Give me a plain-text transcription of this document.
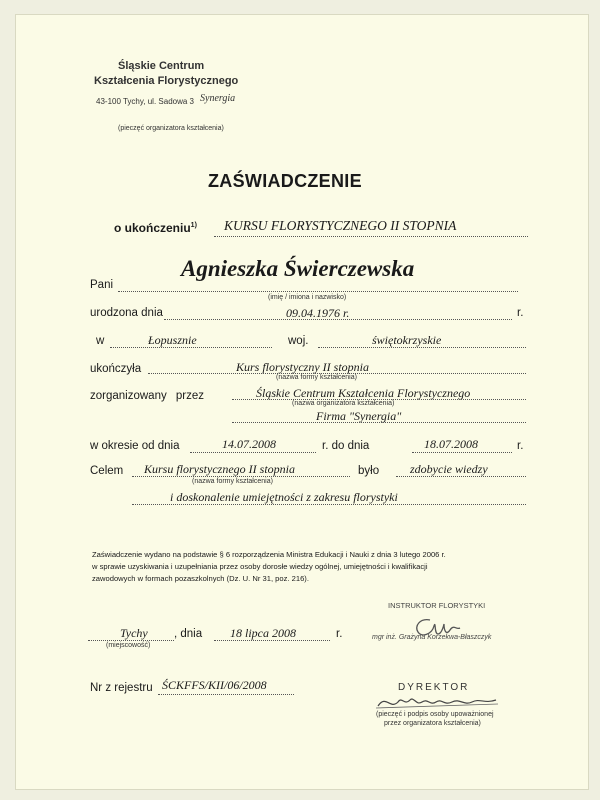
Śląskie Centrum
Kształcenia Florystycznego
43-100 Tychy, ul. Sadowa 3 Synergia
(pieczęć organizatora kształcenia)
ZAŚWIADCZENIE
o ukończeniu$^{1)}$ KURSU FLORYSTYCZNEGO II STOPNIA
Pani
Agnieszka Świerczewska
(imię / imiona i nazwisko)
urodzona dnia	09.04.1976 r.	r.
w	Łopusznie	woj.	świętokrzyskie
ukończyła	Kurs florystyczny II stopnia
(nazwa formy kształcenia)
zorganizowany przez	Śląskie Centrum Kształcenia Florystycznego
(nazwa organizatora kształcenia)
Firma "Synergia"
w okresie od dnia	14.07.2008	r. do dnia	18.07.2008	r.
Celem Kursu florystycznego II stopnia
(nazwa formy kształcenia)
było	zdobycie wiedzy
i doskonalenie umiejętności z zakresu florystyki
Zaświadczenie wydano na podstawie § 6 rozporządzenia Ministra Edukacji i Nauki z dnia 3 lutego 2006 r.
w sprawie uzyskiwania i uzupełniania przez osoby dorosłe wiedzy ogólnej, umiejętności i kwalifikacji
zawodowych w formach pozaszkolnych (Dz. U. Nr 31, poz. 216).
INSTRUKTOR FLORYSTYKI
mgr inż. Grażyna Korzekwa-Błaszczyk
Tychy
(miejscowość)
, dnia 18 lipca 2008	r.
Nr z rejestru ŚCKFFS/KII/06/2008	DYREKTOR
(pieczęć i podpis osoby upoważnionej
przez organizatora kształcenia)
